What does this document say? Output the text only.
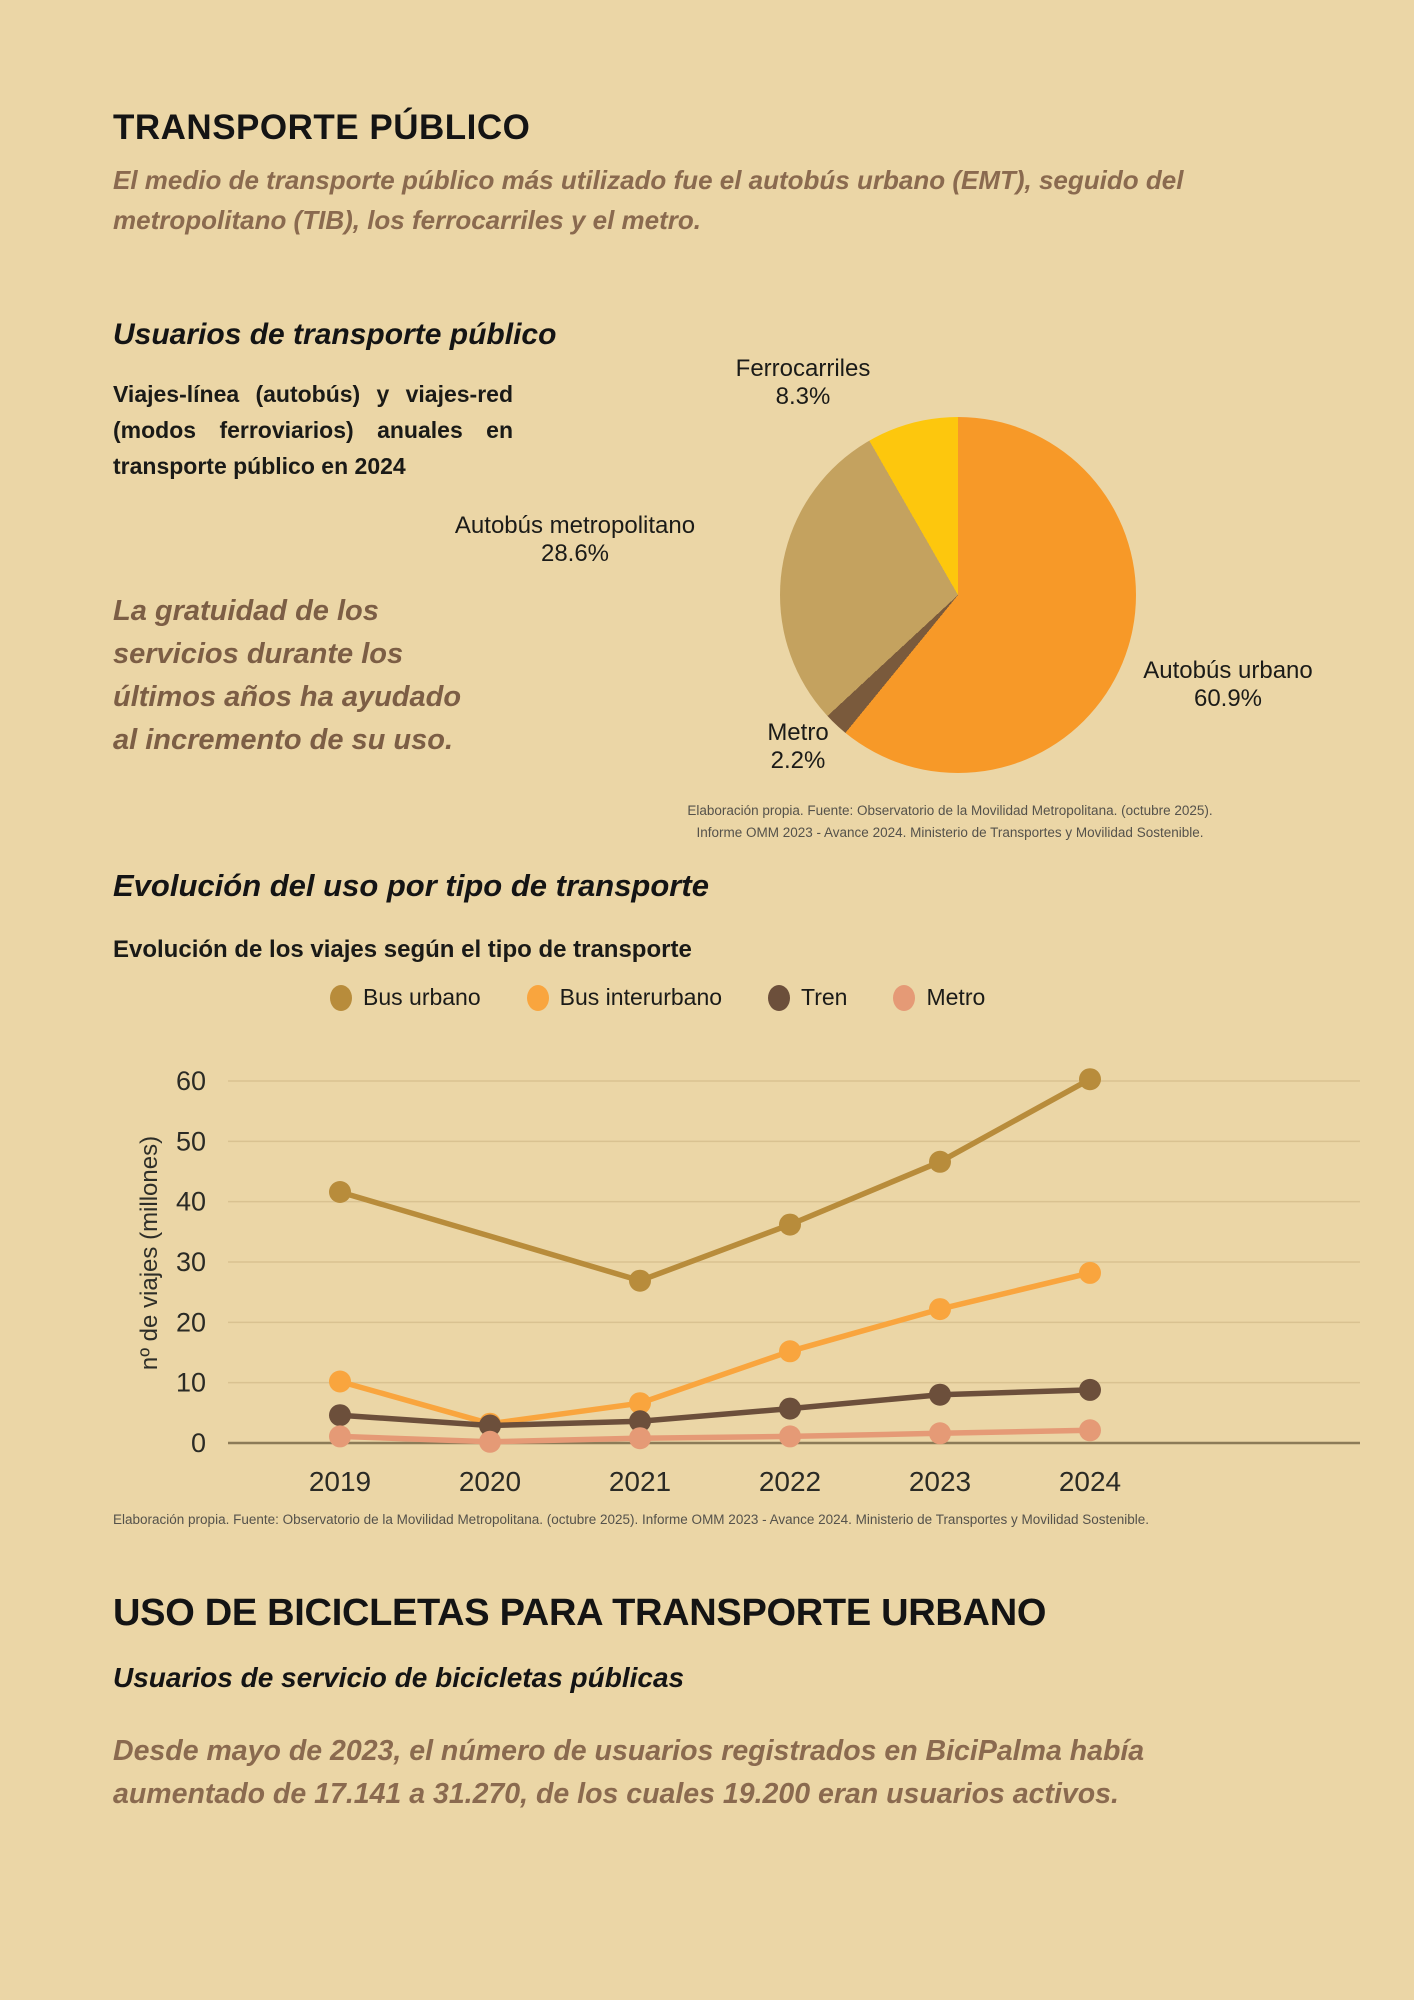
TRANSPORTE PÚBLICO
El medio de transporte público más utilizado fue el autobús urbano (EMT), seguido del metropolitano (TIB), los ferrocarriles y el metro.
Usuarios de transporte público
Viajes-línea (autobús) y viajes-red (modos ferroviarios) anuales en transporte público en 2024
La gratuidad de los servicios durante los últimos años ha ayudado al incremento de su uso.
Ferrocarriles
8.3%
Autobús metropolitano
28.6%
Autobús urbano
60.9%
Metro
2.2%
Elaboración propia. Fuente: Observatorio de la Movilidad Metropolitana. (octubre 2025).
Informe OMM 2023 - Avance 2024. Ministerio de Transportes y Movilidad Sostenible.
Evolución del uso por tipo de transporte
Evolución de los viajes según el tipo de transporte
Bus urbano	Bus interurbano	Tren	Metro
nº de viajes (millones)
0
10
20
30
40
50
60
2019	2020	2021	2022	2023	2024
Elaboración propia. Fuente: Observatorio de la Movilidad Metropolitana. (octubre 2025). Informe OMM 2023 - Avance 2024. Ministerio de Transportes y Movilidad Sostenible.
USO DE BICICLETAS PARA TRANSPORTE URBANO
Usuarios de servicio de bicicletas públicas
Desde mayo de 2023, el número de usuarios registrados en BiciPalma había aumentado de 17.141 a 31.270, de los cuales 19.200 eran usuarios activos.
